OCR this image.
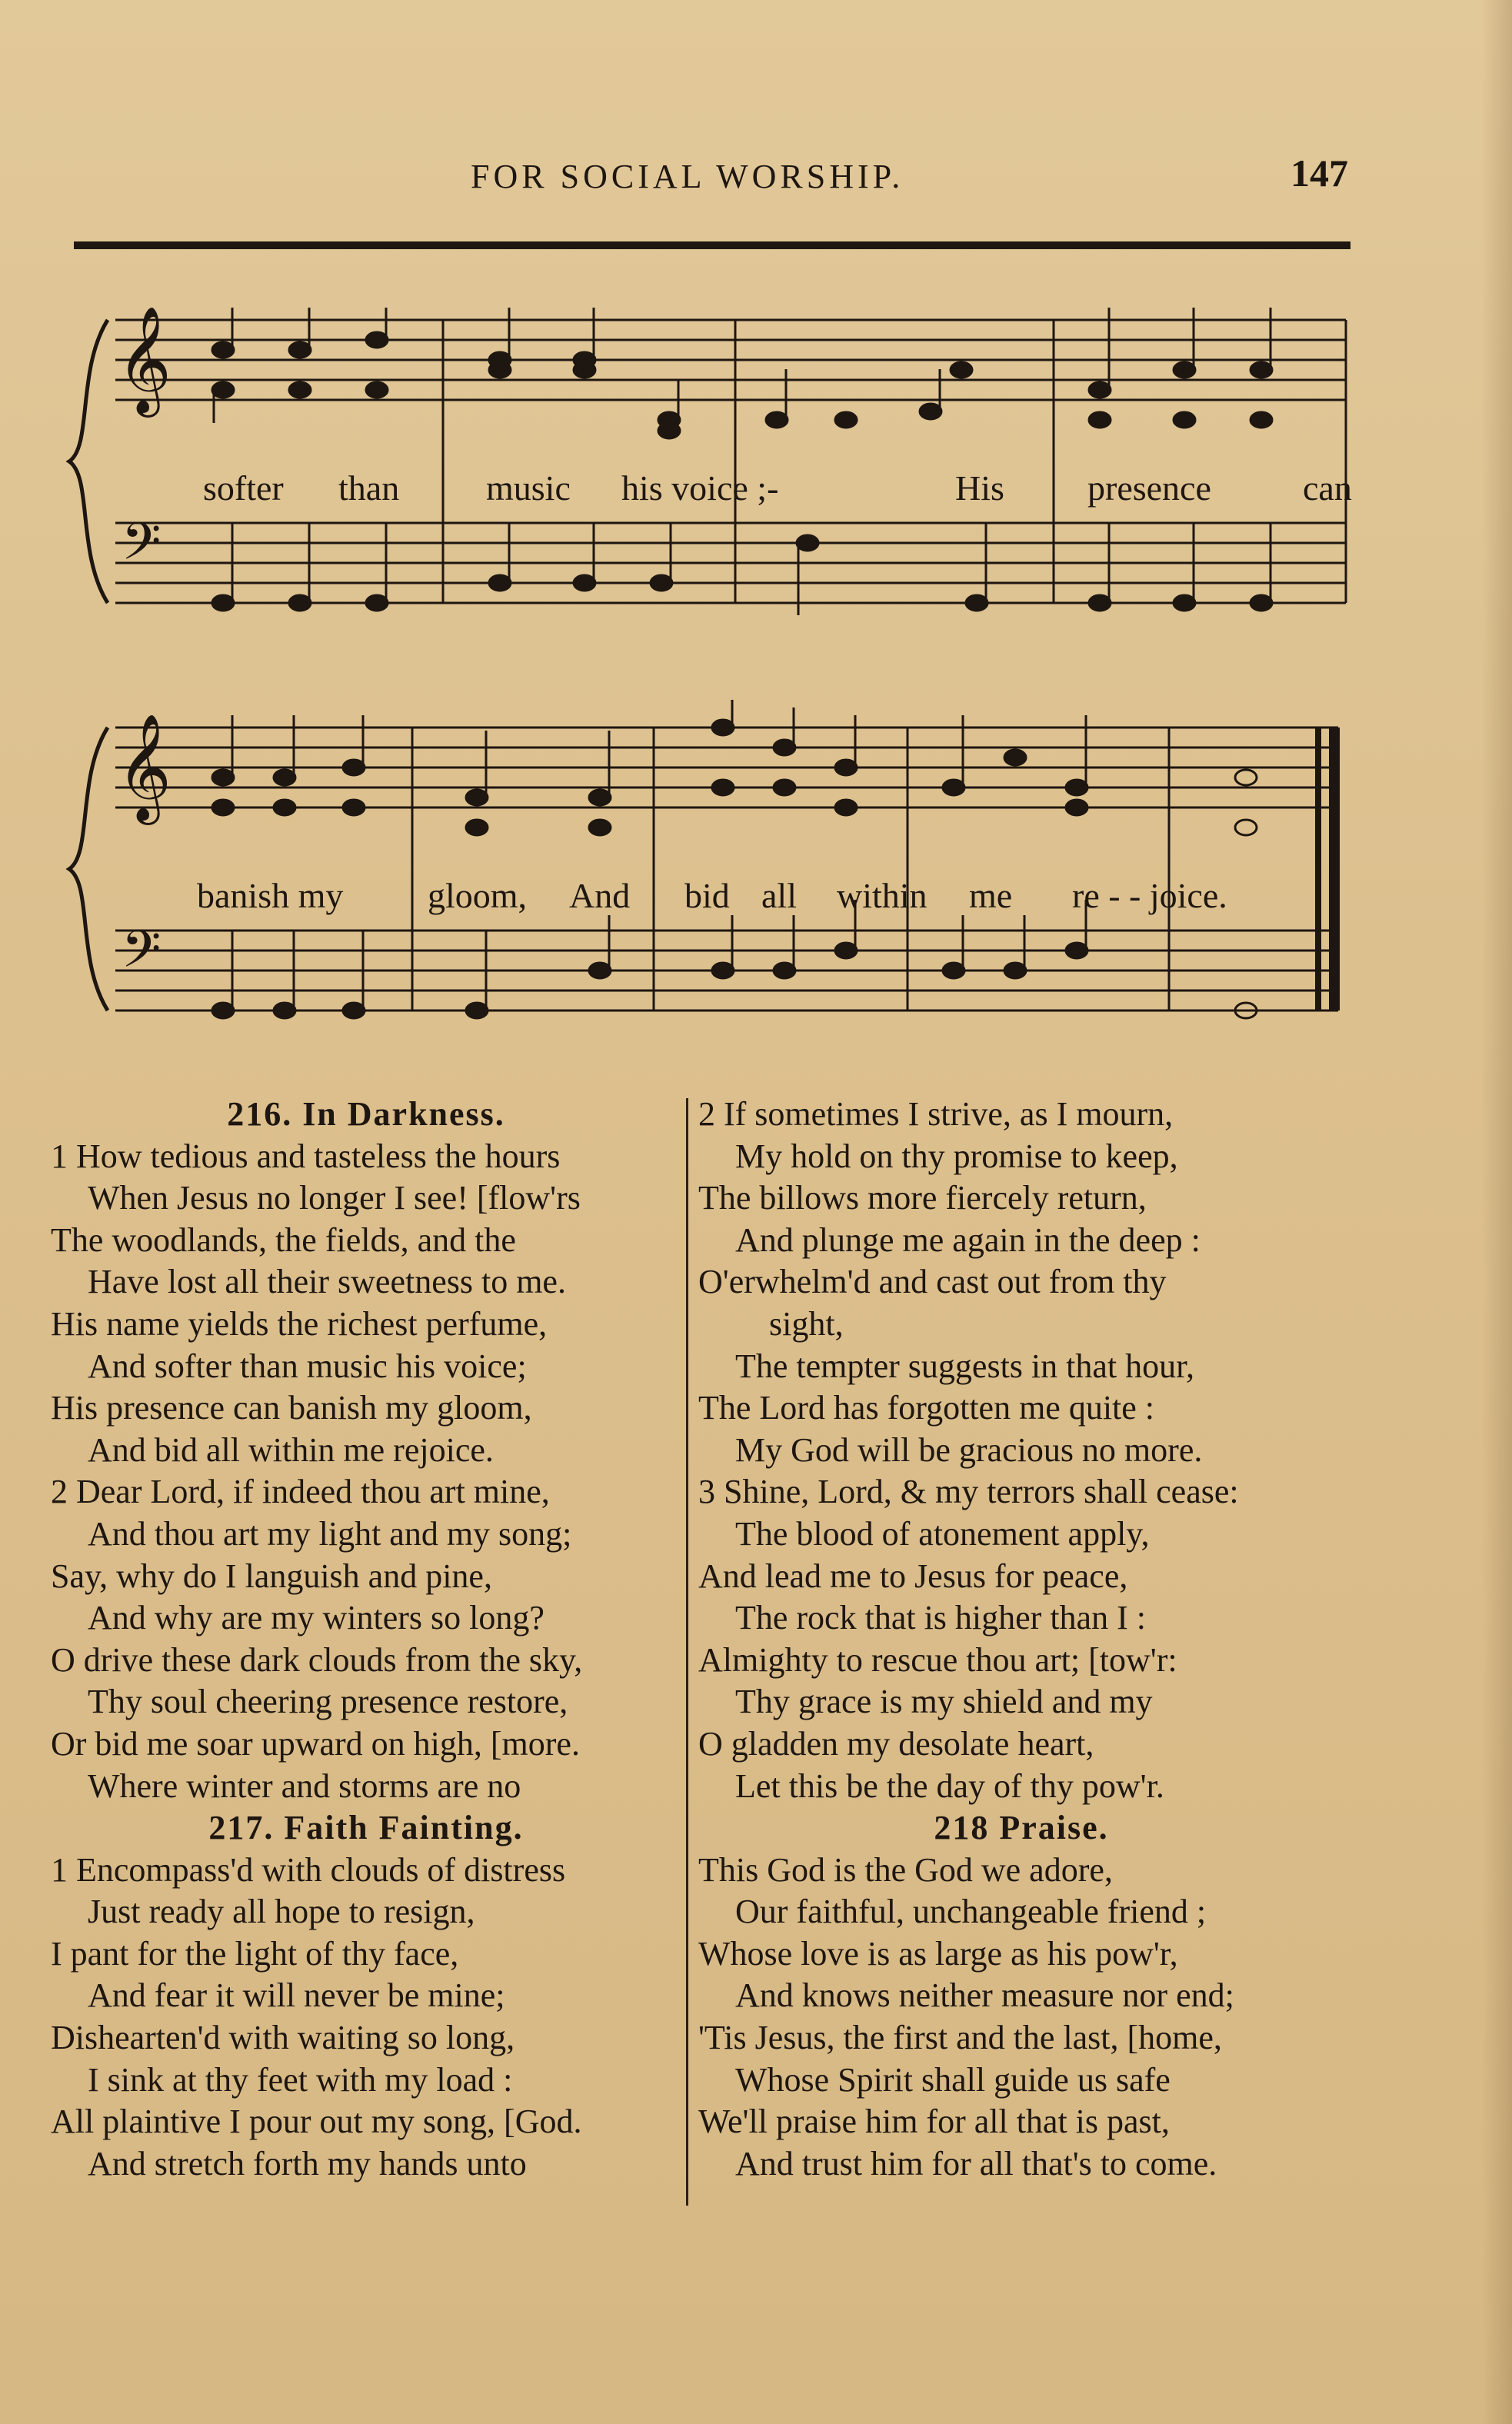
FOR SOCIAL WORSHIP.	147
𝄞
𝄢
softer than music his voice ;-	His presence	can
𝄞
𝄢
banish my gloom, And bid all within me re - - joice.
216. In Darkness.
1 How tedious and tasteless the hours
When Jesus no longer I see! [flow'rs
The woodlands, the fields, and the
Have lost all their sweetness to me.
His name yields the richest perfume,
And softer than music his voice;
His presence can banish my gloom,
And bid all within me rejoice.
2 Dear Lord, if indeed thou art mine,
And thou art my light and my song;
Say, why do I languish and pine,
And why are my winters so long?
O drive these dark clouds from the sky,
Thy soul cheering presence restore,
Or bid me soar upward on high, [more.
Where winter and storms are no
217. Faith Fainting.
1 Encompass'd with clouds of distress
Just ready all hope to resign,
I pant for the light of thy face,
And fear it will never be mine;
Dishearten'd with waiting so long,
I sink at thy feet with my load :
All plaintive I pour out my song, [God.
And stretch forth my hands unto
2 If sometimes I strive, as I mourn,
My hold on thy promise to keep,
The billows more fiercely return,
And plunge me again in the deep :
O'erwhelm'd and cast out from thy
sight,
The tempter suggests in that hour,
The Lord has forgotten me quite :
My God will be gracious no more.
3 Shine, Lord, & my terrors shall cease:
The blood of atonement apply,
And lead me to Jesus for peace,
The rock that is higher than I :
Almighty to rescue thou art; [tow'r:
Thy grace is my shield and my
O gladden my desolate heart,
Let this be the day of thy pow'r.
218 Praise.
This God is the God we adore,
Our faithful, unchangeable friend ;
Whose love is as large as his pow'r,
And knows neither measure nor end;
'Tis Jesus, the first and the last, [home,
Whose Spirit shall guide us safe
We'll praise him for all that is past,
And trust him for all that's to come.
